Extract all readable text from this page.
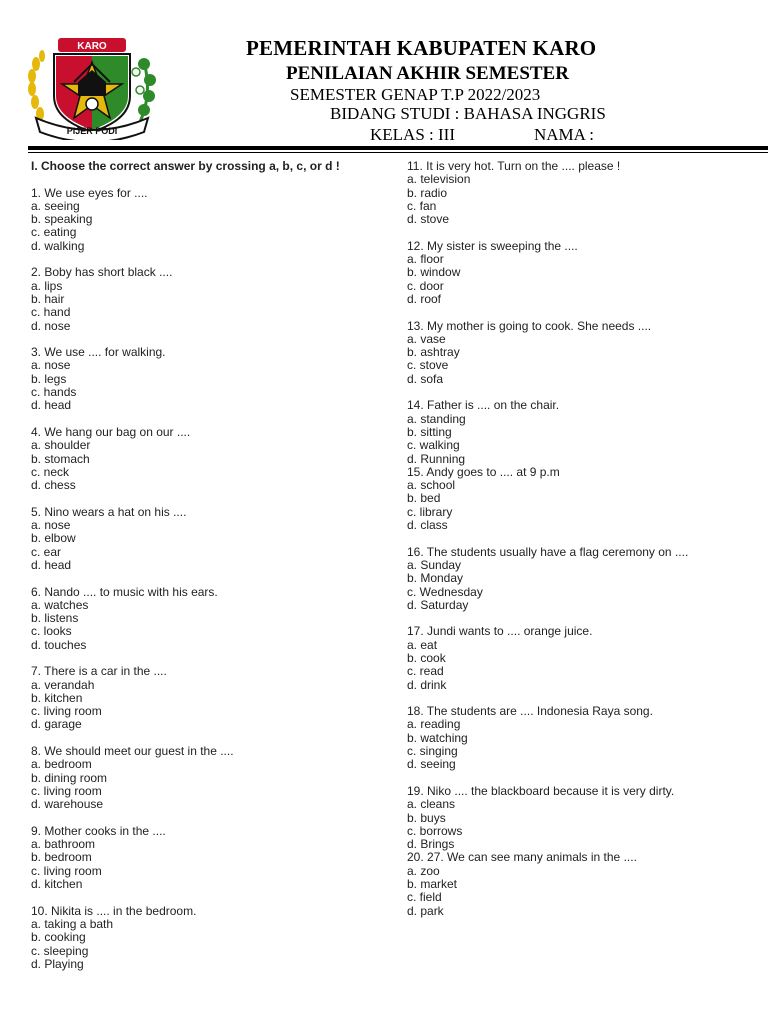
KARO
PIJER PODI
PEMERINTAH KABUPATEN KARO
PENILAIAN AKHIR SEMESTER
SEMESTER GENAP T.P 2022/2023
BIDANG STUDI : BAHASA INGGRIS
KELAS : III	NAMA :
I. Choose the correct answer by crossing a, b, c, or d !
1. We use eyes for ....
a. seeing
b. speaking
c. eating
d. walking
2. Boby has short black ....
a. lips
b. hair
c. hand
d. nose
3. We use .... for walking.
a. nose
b. legs
c. hands
d. head
4. We hang our bag on our ....
a. shoulder
b. stomach
c. neck
d. chess
5. Nino wears a hat on his ....
a. nose
b. elbow
c. ear
d. head
6. Nando .... to music with his ears.
a. watches
b. listens
c. looks
d. touches
7. There is a car in the ....
a. verandah
b. kitchen
c. living room
d. garage
8. We should meet our guest in the ....
a. bedroom
b. dining room
c. living room
d. warehouse
9. Mother cooks in the ....
a. bathroom
b. bedroom
c. living room
d. kitchen
10. Nikita is .... in the bedroom.
a. taking a bath
b. cooking
c. sleeping
d. Playing
11. It is very hot. Turn on the .... please !
a. television
b. radio
c. fan
d. stove
12. My sister is sweeping the ....
a. floor
b. window
c. door
d. roof
13. My mother is going to cook. She needs ....
a. vase
b. ashtray
c. stove
d. sofa
14. Father is .... on the chair.
a. standing
b. sitting
c. walking
d. Running
15. Andy goes to .... at 9 p.m
a. school
b. bed
c. library
d. class
16. The students usually have a flag ceremony on ....
a. Sunday
b. Monday
c. Wednesday
d. Saturday
17. Jundi wants to .... orange juice.
a. eat
b. cook
c. read
d. drink
18. The students are .... Indonesia Raya song.
a. reading
b. watching
c. singing
d. seeing
19. Niko .... the blackboard because it is very dirty.
a. cleans
b. buys
c. borrows
d. Brings
20. 27. We can see many animals in the ....
a. zoo
b. market
c. field
d. park
